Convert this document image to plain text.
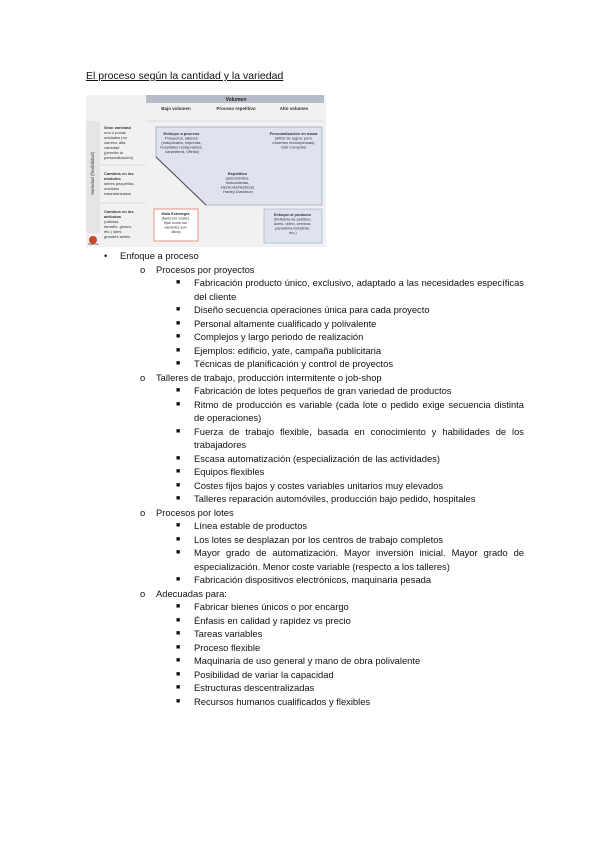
El proceso según la cantidad y la variedad
Volumen
Bajo volumen	Proceso repetitivo	Alto volumen
Variedad (flexibilidad)
Gran variedad una o pocas unidades por carrera, alta variedad (permite la personalización)
Cambios en los módulos series pequeñas, módulos estandarizados
Cambios en los atributos (calidad, tamaño, grosor, etc.) lotes grandes series
Enfoque a proceso Proyectos, talleres (maquinaria, imprenta, hospitales restaurantes, carpintería, Ofinisi)
Personalización en masa (difícil de lograr, pero enormes recompensas) Dell Computer
Repetitivo (automóviles, motocicletas, electrodomésticos) Harley-Davidson
Mala Estrategia (tanto los costes fijos como los variables son altos)
Enfoque al producto (Refinería de petróleo, acero, vidrio, cerveza, panadería industrial, etc.)
Pearson
• Enfoque a proceso
o Procesos por proyectos
■ Fabricación producto único, exclusivo, adaptado a las necesidades específicas del cliente
■ Diseño secuencia operaciones única para cada proyecto
■ Personal altamente cualificado y polivalente
■ Complejos y largo periodo de realización
■ Ejemplos: edificio, yate, campaña publicitaria
■ Técnicas de planificación y control de proyectos
o Talleres de trabajo, producción intermitente o job-shop
■ Fabricación de lotes pequeños de gran variedad de productos
■ Ritmo de producción es variable (cada lote o pedido exige secuencia distinta de operaciones)
■ Fuerza de trabajo flexible, basada en conocimiento y habilidades de los trabajadores
■ Escasa automatización (especialización de las actividades)
■ Equipos flexibles
■ Costes fijos bajos y costes variables unitarios muy elevados
■ Talleres reparación automóviles, producción bajo pedido, hospitales
o Procesos por lotes
■ Línea estable de productos
■ Los lotes se desplazan por los centros de trabajo completos
■ Mayor grado de automatización. Mayor inversión inicial. Mayor grado de especialización. Menor coste variable (respecto a los talleres)
■ Fabricación dispositivos electrónicos, maquinaria pesada
o Adecuadas para:
■ Fabricar bienes únicos o por encargo
■ Énfasis en calidad y rapidez vs precio
■ Tareas variables
■ Proceso flexible
■ Maquinaria de uso general y mano de obra polivalente
■ Posibilidad de variar la capacidad
■ Estructuras descentralizadas
■ Recursos humanos cualificados y flexibles
